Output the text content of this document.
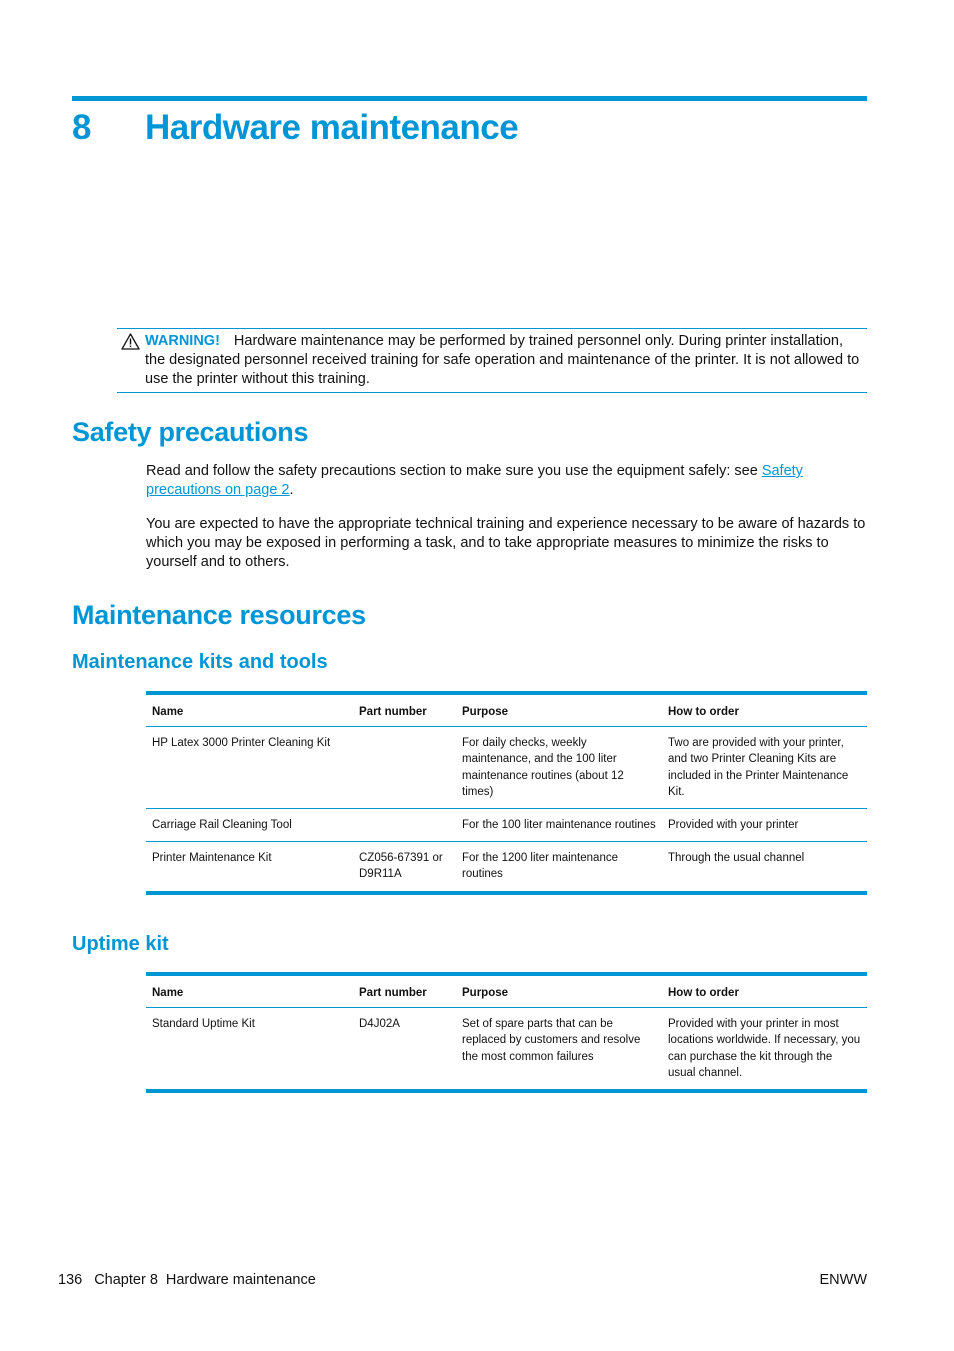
8 Hardware maintenance
WARNING! Hardware maintenance may be performed by trained personnel only. During printer installation, the designated personnel received training for safe operation and maintenance of the printer. It is not allowed to use the printer without this training.
Safety precautions

Read and follow the safety precautions section to make sure you use the equipment safely: see Safety precautions on page 2.

You are expected to have the appropriate technical training and experience necessary to be aware of hazards to which you may be exposed in performing a task, and to take appropriate measures to minimize the risks to yourself and to others.

Maintenance resources
Maintenance kits and tools
Name	Part number	Purpose	How to order
HP Latex 3000 Printer Cleaning Kit		For daily checks, weekly maintenance, and the 100 liter maintenance routines (about 12 times)	Two are provided with your printer, and two Printer Cleaning Kits are included in the Printer Maintenance Kit.
Carriage Rail Cleaning Tool		For the 100 liter maintenance routines	Provided with your printer
Printer Maintenance Kit	CZ056-67391 or D9R11A	For the 1200 liter maintenance routines	Through the usual channel
Uptime kit
Name	Part number	Purpose	How to order
Standard Uptime Kit	D4J02A	Set of spare parts that can be replaced by customers and resolve the most common failures	Provided with your printer in most locations worldwide. If necessary, you can purchase the kit through the usual channel.
136 Chapter 8 Hardware maintenance	ENWW
